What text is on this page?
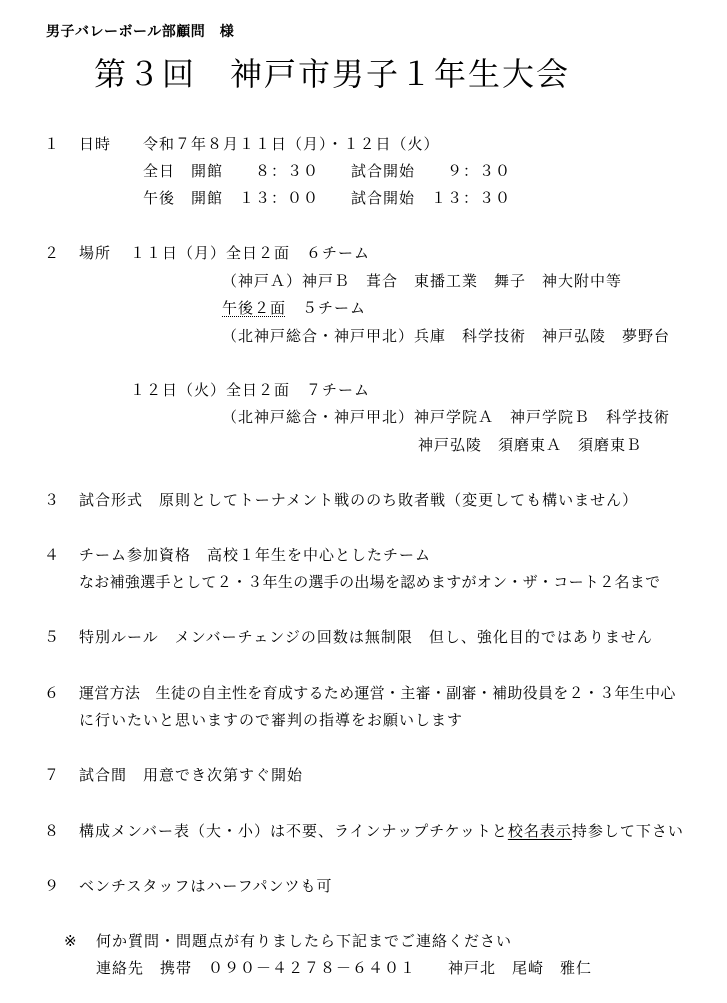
男子バレーボール部顧問　様
第３回　神戸市男子１年生大会
１ 日時 令和７年８月１１日（月）・１２日（火）
全日　開館　　８：３０　　試合開始　　９：３０
午後　開館　１３：００　　試合開始　１３：３０
２ 場所 １１日（月）全日２面　６チーム
（神戸Ａ）神戸Ｂ　葺合　東播工業　舞子　神大附中等
午後２面　５チーム
（北神戸総合・神戸甲北）兵庫　科学技術　神戸弘陵　夢野台
１２日（火）全日２面　７チーム
（北神戸総合・神戸甲北）神戸学院Ａ　神戸学院Ｂ　科学技術
神戸弘陵　須磨東Ａ　須磨東Ｂ
３ 試合形式　原則としてトーナメント戦ののち敗者戦（変更しても構いません）
４ チーム参加資格　高校１年生を中心としたチーム
なお補強選手として２・３年生の選手の出場を認めますがオン・ザ・コート２名まで
５ 特別ルール　メンバーチェンジの回数は無制限　但し、強化目的ではありません
６ 運営方法　生徒の自主性を育成するため運営・主審・副審・補助役員を２・３年生中心
に行いたいと思いますので審判の指導をお願いします
７ 試合間　用意でき次第すぐ開始
８ 構成メンバー表（大・小）は不要、ラインナップチケットと校名表示持参して下さい
９ ベンチスタッフはハーフパンツも可
※ 何か質問・問題点が有りましたら下記までご連絡ください
連絡先　携帯　０９０－４２７８－６４０１　　神戸北　尾崎　雅仁
